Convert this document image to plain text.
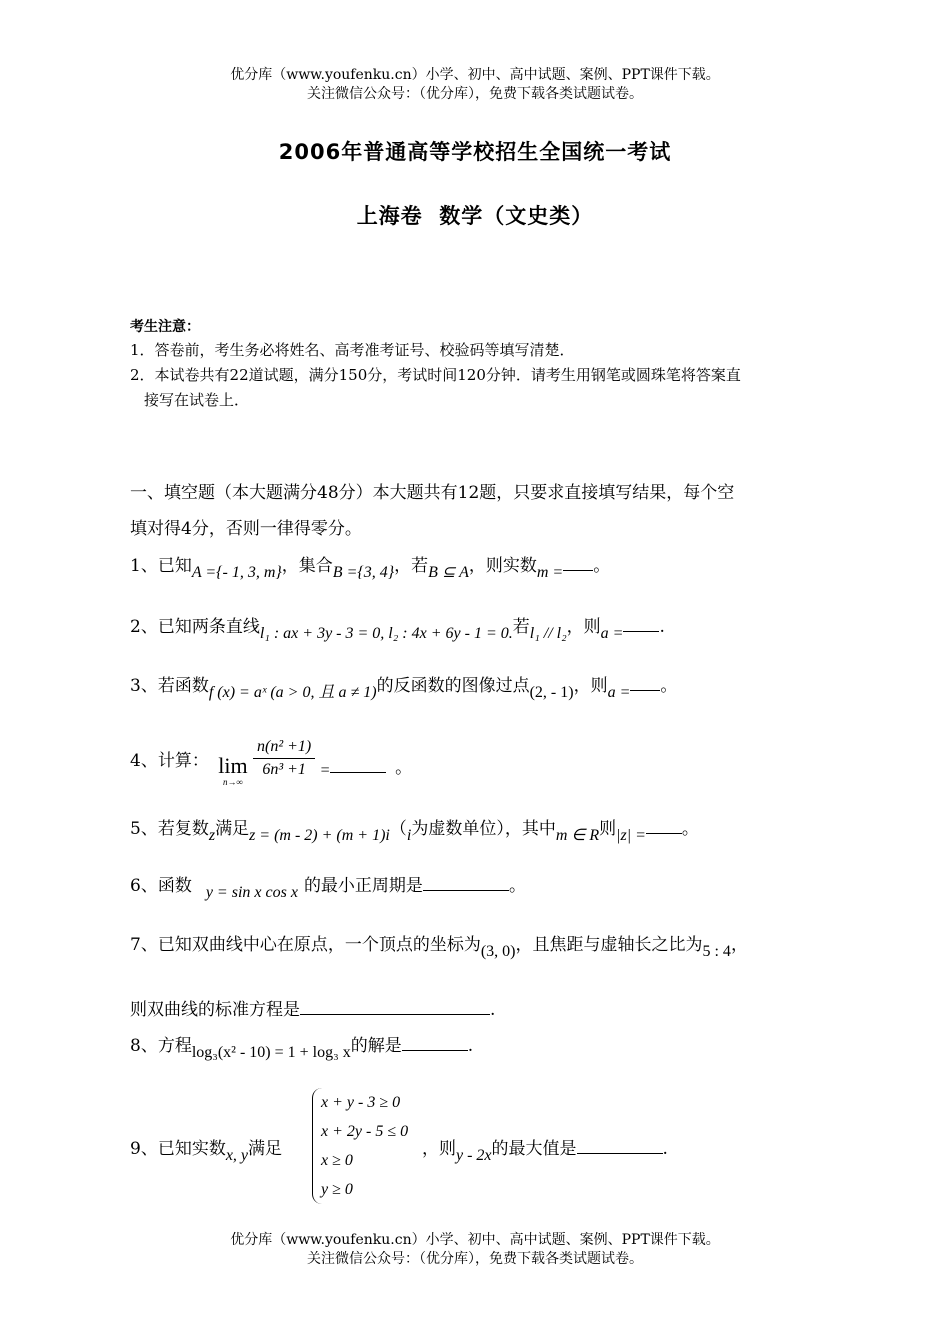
优分库（www.youfenku.cn）小学、初中、高中试题、案例、PPT课件下载。
关注微信公众号：（优分库），免费下载各类试题试卷。
2006年普通高等学校招生全国统一考试
上海卷  数学（文史类）
考生注意：
1．答卷前，考生务必将姓名、高考准考证号、校验码等填写清楚．
2．本试卷共有22道试题，满分150分，考试时间120分钟．请考生用钢笔或圆珠笔将答案直
接写在试卷上．
一、填空题（本大题满分48分）本大题共有12题，只要求直接填写结果，每个空
填对得4分，否则一律得零分。
1、已知A ={- 1, 3, m}，集合B ={3, 4}，若B ⊆ A，则实数m = 。
2、已知两条直线l₁ : ax + 3y - 3 = 0, l₂ : 4x + 6y - 1 = 0.若l₁ // l₂，则a = .
3、若函数f (x) = aˣ (a > 0, 且 a ≠ 1)的反函数的图像过点(2, - 1)，则a = 。
4、计算： lim
n→∞

$\frac{\text{n(n² +1)}}{\text{6n³ +1}}$ =	。
5、若复数z满足z = (m - 2) + (m + 1)i（i为虚数单位），其中m ∈ R则|z| = 。
6、函数 y = sin x cos x 的最小正周期是	。
7、已知双曲线中心在原点，一个顶点的坐标为(3, 0)，且焦距与虚轴长之比为5 : 4，
则双曲线的标准方程是	.
8、方程log₃(x² - 10) = 1 + log₃ x的解是	.
9、已知实数x, y满足
x + y - 3 ≥ 0
x + 2y - 5 ≤ 0
x ≥ 0
y ≥ 0
，则y - 2x的最大值是	.
优分库（www.youfenku.cn）小学、初中、高中试题、案例、PPT课件下载。
关注微信公众号：（优分库），免费下载各类试题试卷。
